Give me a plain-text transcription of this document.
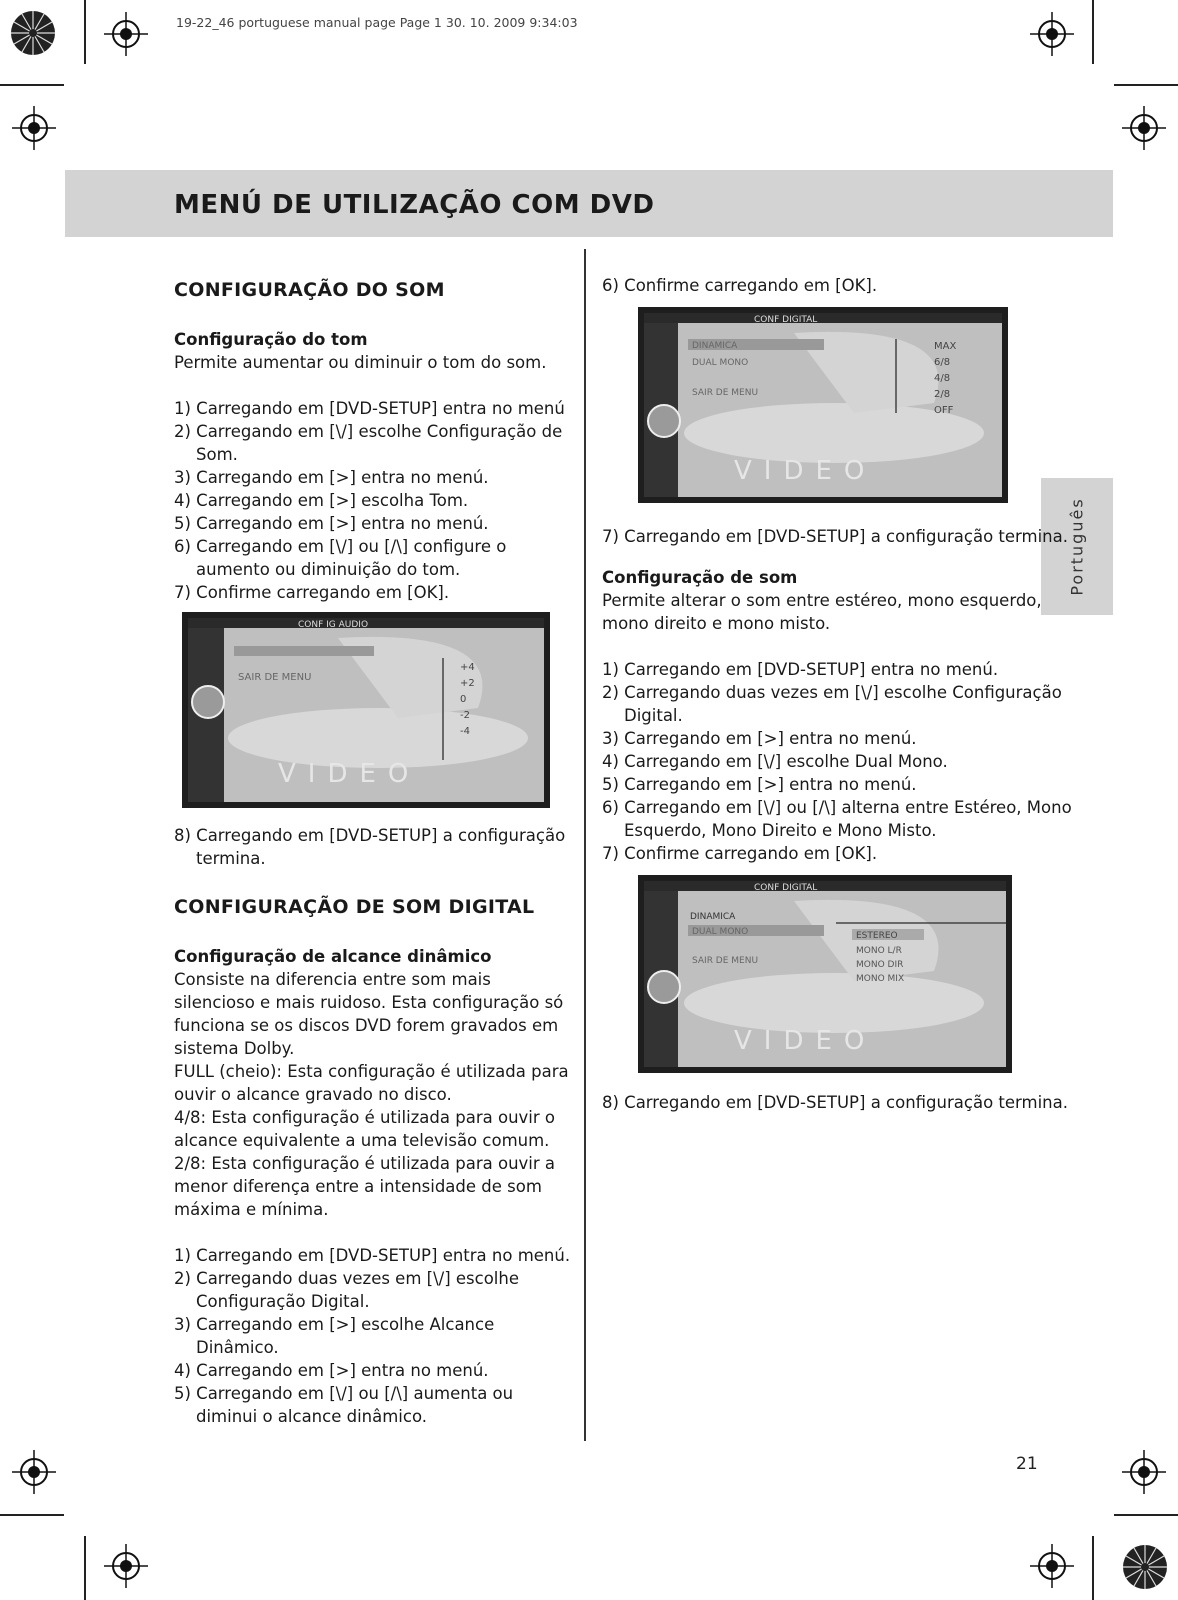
19-22_46 portuguese manual page Page 1 30. 10. 2009 9:34:03
MENÚ DE UTILIZAÇÃO COM DVD
Português
CONFIGURAÇÃO DO SOM

Configuração do tom

Permite aumentar ou diminuir o tom do som.

1) Carregando em [DVD-SETUP] entra no menú
2) Carregando em [\/] escolhe Configuração de Som.
3) Carregando em [>] entra no menú.
4) Carregando em [>] escolha Tom.
5) Carregando em [>] entra no menú.
6) Carregando em [\/] ou [/\] configure o aumento ou diminuição do tom.
7) Confirme carregando em [OK].
CONF IG AUDIO
SAIR DE MENU
+4
+2
0
-2
-4
VIDEO
8) Carregando em [DVD-SETUP] a configuração termina.
CONFIGURAÇÃO DE SOM DIGITAL

Configuração de alcance dinâmico

Consiste na diferencia entre som mais silencioso e mais ruidoso. Esta configuração só funciona se os discos DVD forem gravados em sistema Dolby.

FULL (cheio): Esta configuração é utilizada para ouvir o alcance gravado no disco.

4/8: Esta configuração é utilizada para ouvir o alcance equivalente a uma televisão comum.

2/8: Esta configuração é utilizada para ouvir a menor diferença entre a intensidade de som máxima e mínima.

1) Carregando em [DVD-SETUP] entra no menú.
2) Carregando duas vezes em [\/] escolhe Configuração Digital.
3) Carregando em [>] escolhe Alcance Dinâmico.
4) Carregando em [>] entra no menú.
5) Carregando em [\/] ou [/\] aumenta ou diminui o alcance dinâmico.
6) Confirme carregando em [OK].
CONF DIGITAL
DINAMICA
DUAL MONO
SAIR DE MENU
MAX
6/8
4/8
2/8
OFF
VIDEO
7) Carregando em [DVD-SETUP] a configuração termina.

Configuração de som

Permite alterar o som entre estéreo, mono esquerdo, mono direito e mono misto.

1) Carregando em [DVD-SETUP] entra no menú.
2) Carregando duas vezes em [\/] escolhe Configuração Digital.
3) Carregando em [>] entra no menú.
4) Carregando em [\/] escolhe Dual Mono.
5) Carregando em [>] entra no menú.
6) Carregando em [\/] ou [/\] alterna entre Estéreo, Mono Esquerdo, Mono Direito e Mono Misto.
7) Confirme carregando em [OK].
CONF DIGITAL
DINAMICA
DUAL MONO
SAIR DE MENU
ESTEREO
MONO L/R
MONO DIR
MONO MIX
VIDEO
8) Carregando em [DVD-SETUP] a configuração termina.
21
